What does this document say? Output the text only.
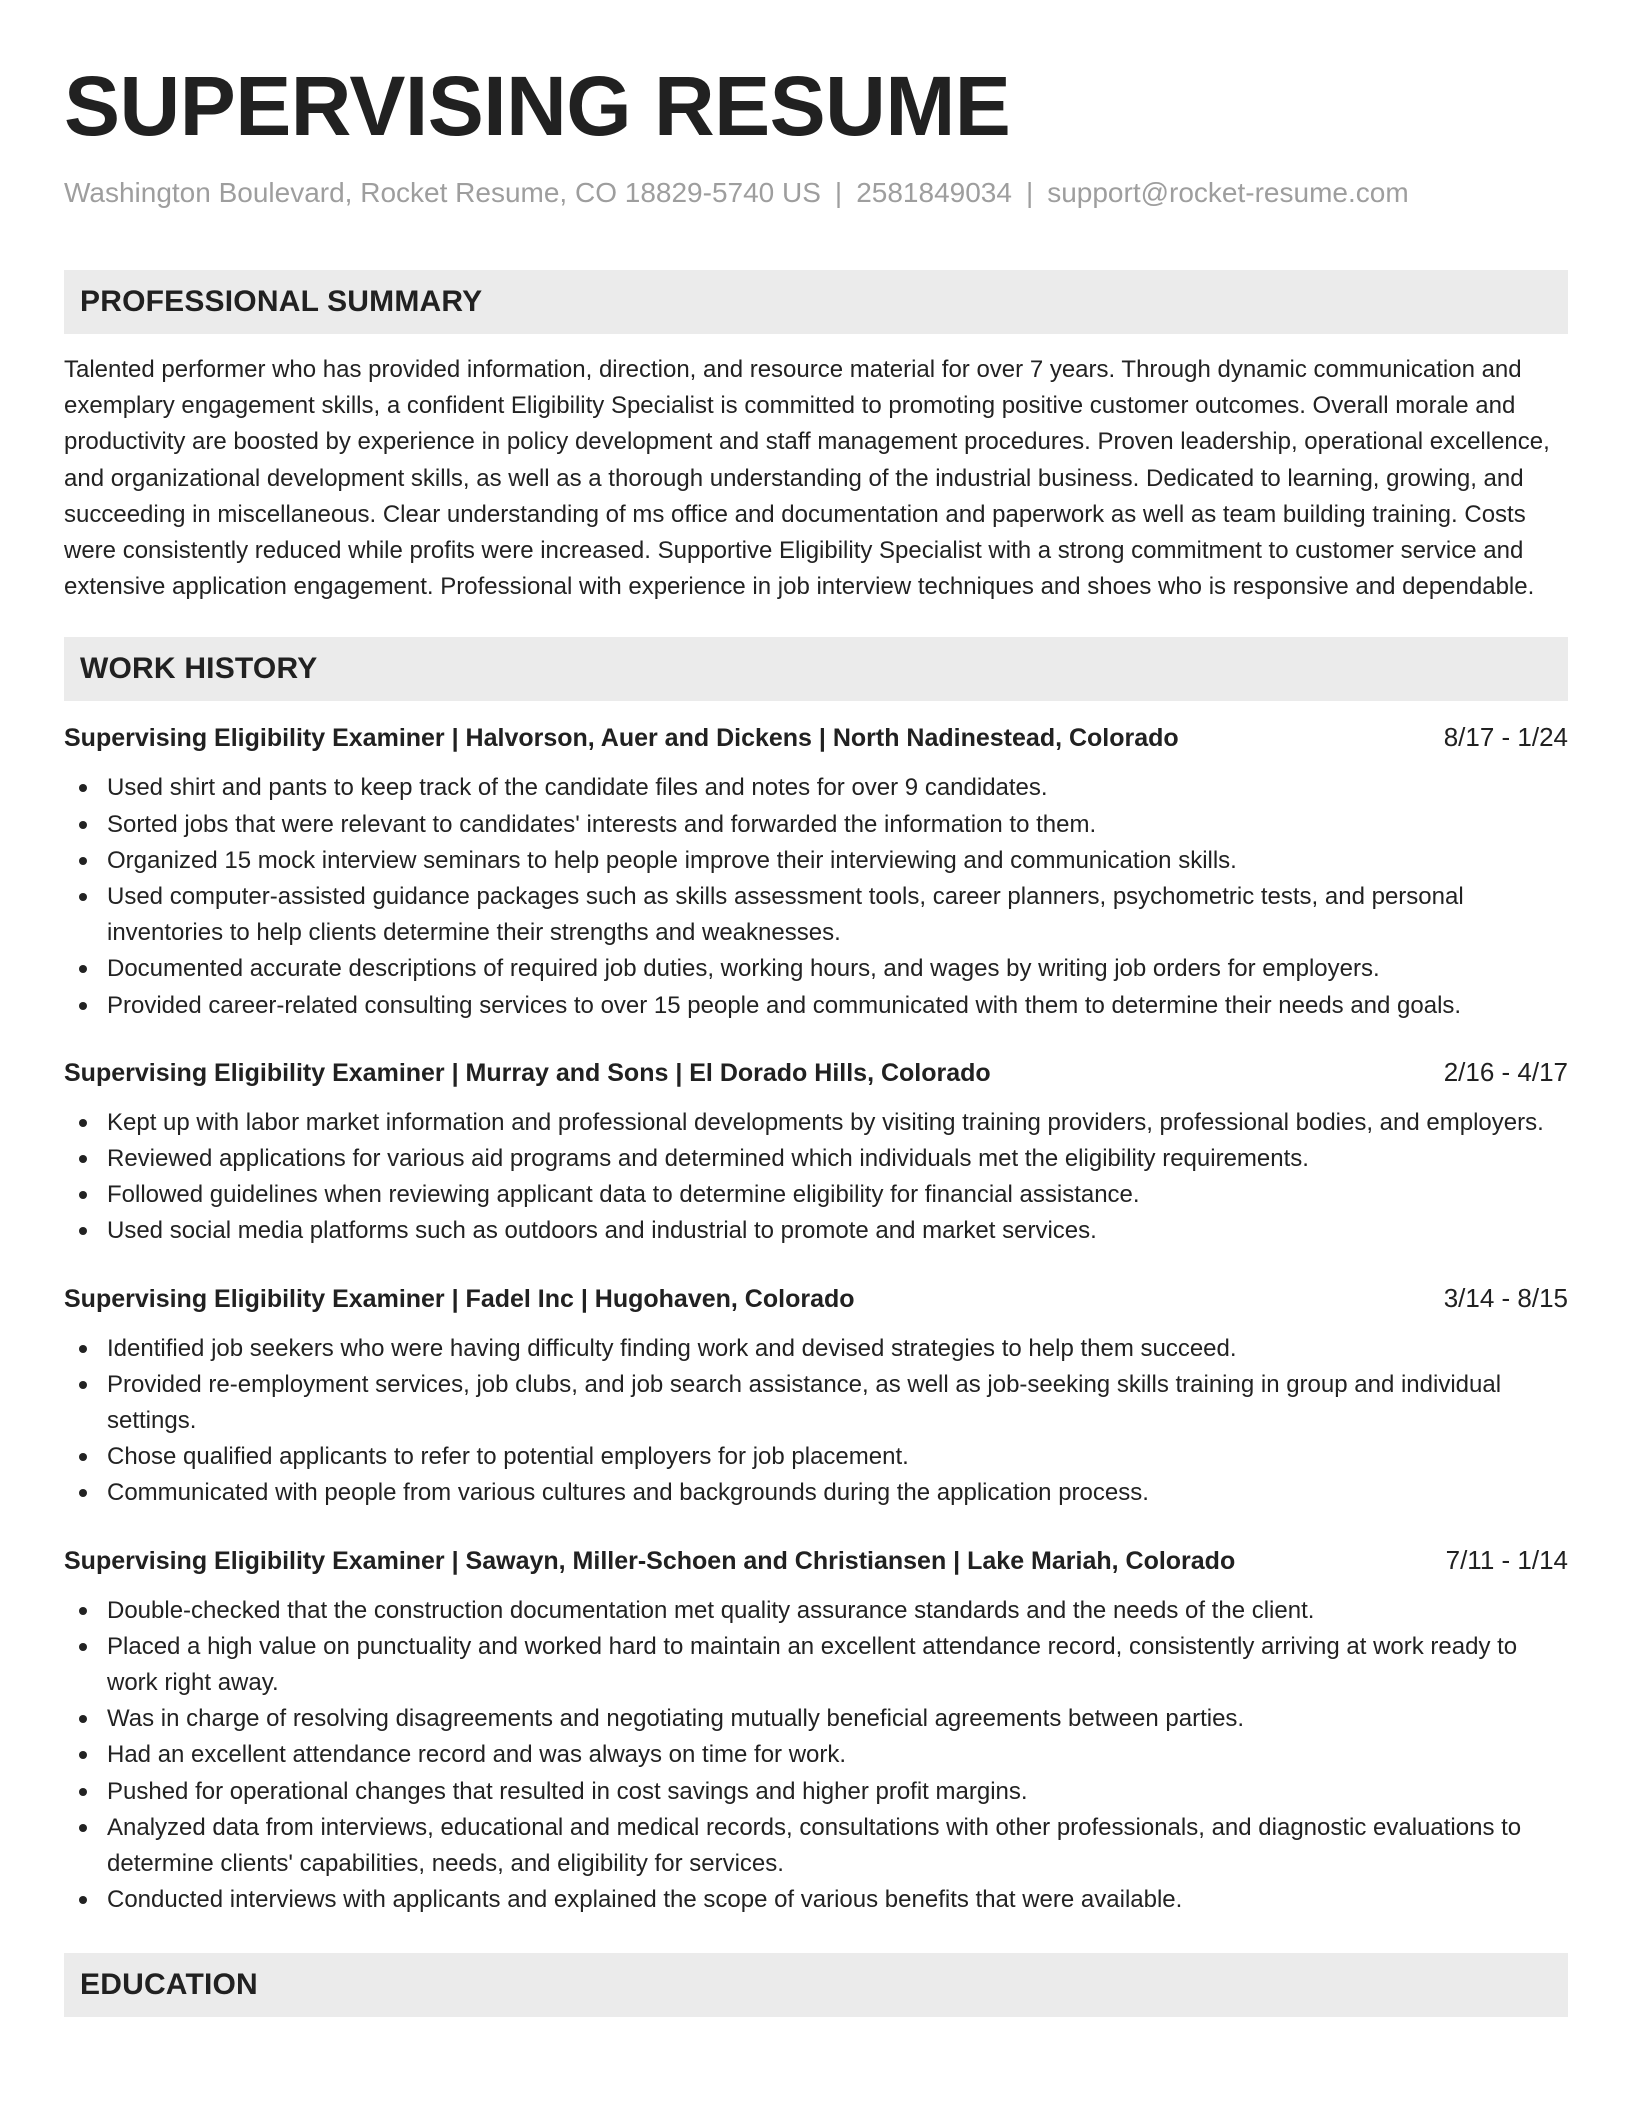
SUPERVISING RESUME
Washington Boulevard, Rocket Resume, CO 18829-5740 US | 2581849034 | support@rocket-resume.com
PROFESSIONAL SUMMARY
Talented performer who has provided information, direction, and resource material for over 7 years. Through dynamic communication and exemplary engagement skills, a confident Eligibility Specialist is committed to promoting positive customer outcomes. Overall morale and productivity are boosted by experience in policy development and staff management procedures. Proven leadership, operational excellence, and organizational development skills, as well as a thorough understanding of the industrial business. Dedicated to learning, growing, and succeeding in miscellaneous. Clear understanding of ms office and documentation and paperwork as well as team building training. Costs were consistently reduced while profits were increased. Supportive Eligibility Specialist with a strong commitment to customer service and extensive application engagement. Professional with experience in job interview techniques and shoes who is responsive and dependable.
WORK HISTORY
Supervising Eligibility Examiner | Halvorson, Auer and Dickens | North Nadinestead, Colorado	8/17 - 1/24
Used shirt and pants to keep track of the candidate files and notes for over 9 candidates.
Sorted jobs that were relevant to candidates' interests and forwarded the information to them.
Organized 15 mock interview seminars to help people improve their interviewing and communication skills.
Used computer-assisted guidance packages such as skills assessment tools, career planners, psychometric tests, and personal inventories to help clients determine their strengths and weaknesses.
Documented accurate descriptions of required job duties, working hours, and wages by writing job orders for employers.
Provided career-related consulting services to over 15 people and communicated with them to determine their needs and goals.
Supervising Eligibility Examiner | Murray and Sons | El Dorado Hills, Colorado	2/16 - 4/17
Kept up with labor market information and professional developments by visiting training providers, professional bodies, and employers.
Reviewed applications for various aid programs and determined which individuals met the eligibility requirements.
Followed guidelines when reviewing applicant data to determine eligibility for financial assistance.
Used social media platforms such as outdoors and industrial to promote and market services.
Supervising Eligibility Examiner | Fadel Inc | Hugohaven, Colorado	3/14 - 8/15
Identified job seekers who were having difficulty finding work and devised strategies to help them succeed.
Provided re-employment services, job clubs, and job search assistance, as well as job-seeking skills training in group and individual settings.
Chose qualified applicants to refer to potential employers for job placement.
Communicated with people from various cultures and backgrounds during the application process.
Supervising Eligibility Examiner | Sawayn, Miller-Schoen and Christiansen | Lake Mariah, Colorado	7/11 - 1/14
Double-checked that the construction documentation met quality assurance standards and the needs of the client.
Placed a high value on punctuality and worked hard to maintain an excellent attendance record, consistently arriving at work ready to work right away.
Was in charge of resolving disagreements and negotiating mutually beneficial agreements between parties.
Had an excellent attendance record and was always on time for work.
Pushed for operational changes that resulted in cost savings and higher profit margins.
Analyzed data from interviews, educational and medical records, consultations with other professionals, and diagnostic evaluations to determine clients' capabilities, needs, and eligibility for services.
Conducted interviews with applicants and explained the scope of various benefits that were available.
EDUCATION
